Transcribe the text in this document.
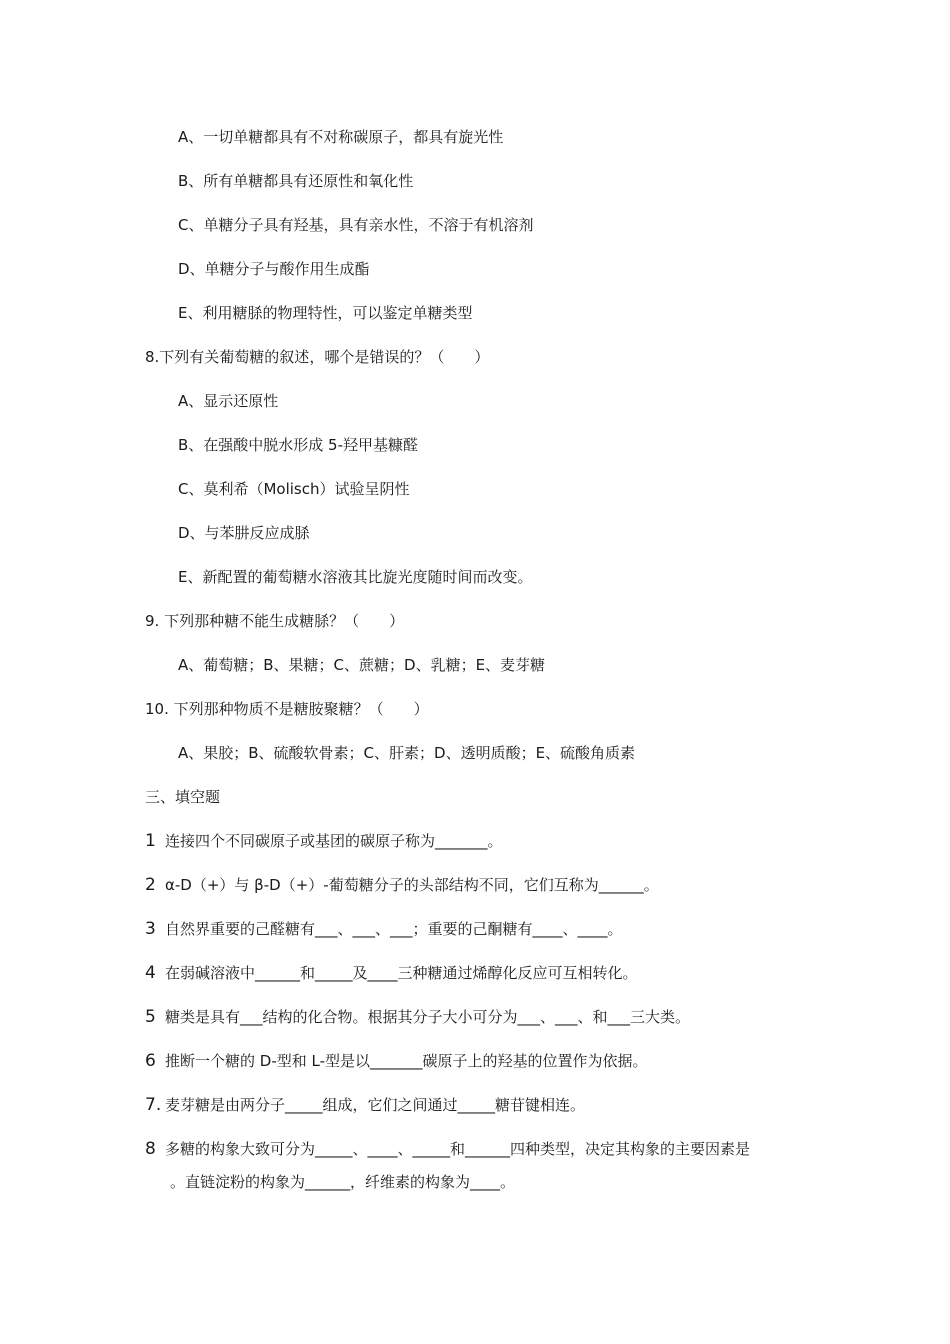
A、一切单糖都具有不对称碳原子，都具有旋光性
B、所有单糖都具有还原性和氧化性
C、单糖分子具有羟基，具有亲水性，不溶于有机溶剂
D、单糖分子与酸作用生成酯
E、利用糖脎的物理特性，可以鉴定单糖类型
8.下列有关葡萄糖的叙述，哪个是错误的？（　　）
A、显示还原性
B、在强酸中脱水形成 5-羟甲基糠醛
C、莫利希（Molisch）试验呈阴性
D、与苯肼反应成脎
E、新配置的葡萄糖水溶液其比旋光度随时间而改变。
9. 下列那种糖不能生成糖脎？（　　）
A、葡萄糖；B、果糖；C、蔗糖；D、乳糖；E、麦芽糖
10. 下列那种物质不是糖胺聚糖？（　　）
A、果胶；B、硫酸软骨素；C、肝素；D、透明质酸；E、硫酸角质素
三、填空题
1 连接四个不同碳原子或基团的碳原子称为_______。
2 α-D（+）与 β-D（+）-葡萄糖分子的头部结构不同，它们互称为______。
3 自然界重要的己醛糖有___、___、___；重要的己酮糖有____、____。
4 在弱碱溶液中______和_____及____三种糖通过烯醇化反应可互相转化。
5 糖类是具有___结构的化合物。根据其分子大小可分为___、___、和___三大类。
6 推断一个糖的 D-型和 L-型是以_______碳原子上的羟基的位置作为依据。
7. 麦芽糖是由两分子_____组成，它们之间通过_____糖苷键相连。
8 多糖的构象大致可分为_____、____、_____和______四种类型，决定其构象的主要因素是
。直链淀粉的构象为______，纤维素的构象为____。
